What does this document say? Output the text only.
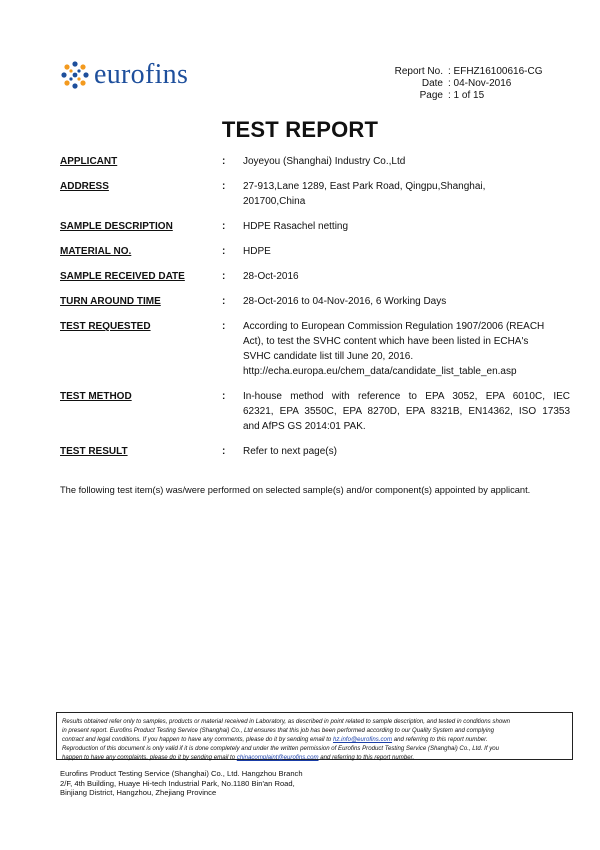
eurofins	Report No. : EFHZ16100616-CG
Date : 04-Nov-2016
Page : 1 of 15
TEST REPORT
APPLICANT	: Joyeyou (Shanghai) Industry Co.,Ltd
ADDRESS	: 27-913,Lane 1289, East Park Road, Qingpu,Shanghai,
201700,China
SAMPLE DESCRIPTION	: HDPE Rasachel netting
MATERIAL NO.	: HDPE
SAMPLE RECEIVED DATE	: 28-Oct-2016
TURN AROUND TIME	: 28-Oct-2016 to 04-Nov-2016, 6 Working Days
TEST REQUESTED	: According to European Commission Regulation 1907/2006 (REACH
Act), to test the SVHC content which have been listed in ECHA's
SVHC candidate list till June 20, 2016.
http://echa.europa.eu/chem_data/candidate_list_table_en.asp
TEST METHOD	: In-house method with reference to EPA 3052, EPA 6010C, IEC
62321, EPA 3550C, EPA 8270D, EPA 8321B, EN14362, ISO 17353
and AfPS GS 2014:01 PAK.
TEST RESULT	: Refer to next page(s)
The following test item(s) was/were performed on selected sample(s) and/or component(s) appointed by applicant.
Results obtained refer only to samples, products or material received in Laboratory, as described in point related to sample description, and tested in conditions shown
in present report. Eurofins Product Testing Service (Shanghai) Co., Ltd ensures that this job has been performed according to our Quality System and complying
contract and legal conditions. If you happen to have any comments, please do it by sending email to hz.info@eurofins.com and referring to this report number.
Reproduction of this document is only valid if it is done completely and under the written permission of Eurofins Product Testing Service (Shanghai) Co., Ltd. If you
happen to have any complaints, please do it by sending email to chinacomplaint@eurofins.com and referring to this report number.
Eurofins Product Testing Service (Shanghai) Co., Ltd. Hangzhou Branch
2/F, 4th Building, Huaye Hi-tech Industrial Park, No.1180 Bin'an Road,
Binjiang District, Hangzhou, Zhejiang Province
